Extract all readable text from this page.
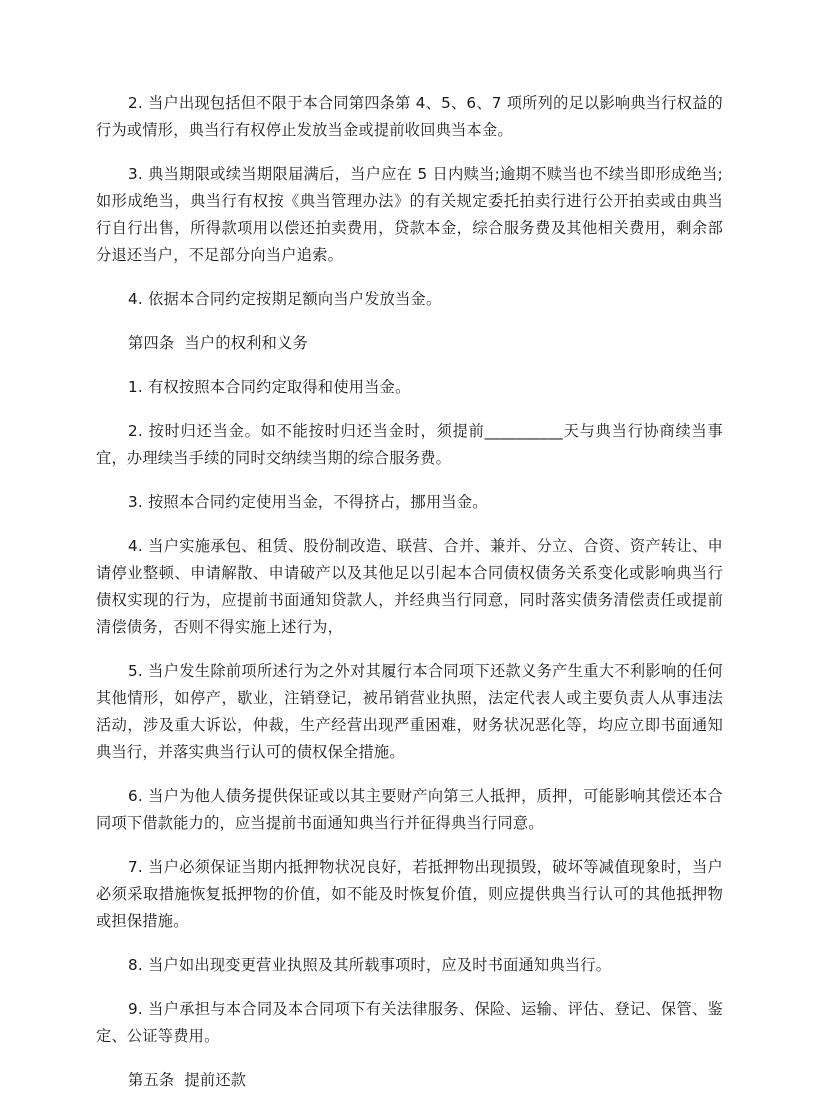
2. 当户出现包括但不限于本合同第四条第 4、5、6、7 项所列的足以影响典当行权益的行为或情形，典当行有权停止发放当金或提前收回典当本金。

3. 典当期限或续当期限届满后，当户应在 5 日内赎当;逾期不赎当也不续当即形成绝当;如形成绝当，典当行有权按《典当管理办法》的有关规定委托拍卖行进行公开拍卖或由典当行自行出售，所得款项用以偿还拍卖费用，贷款本金，综合服务费及其他相关费用，剩余部分退还当户，不足部分向当户追索。

4. 依据本合同约定按期足额向当户发放当金。

第四条  当户的权利和义务

1. 有权按照本合同约定取得和使用当金。

2. 按时归还当金。如不能按时归还当金时，须提前__________天与典当行协商续当事宜，办理续当手续的同时交纳续当期的综合服务费。

3. 按照本合同约定使用当金，不得挤占，挪用当金。

4. 当户实施承包、租赁、股份制改造、联营、合并、兼并、分立、合资、资产转让、申请停业整顿、申请解散、申请破产以及其他足以引起本合同债权债务关系变化或影响典当行债权实现的行为，应提前书面通知贷款人，并经典当行同意，同时落实债务清偿责任或提前清偿债务，否则不得实施上述行为，

5. 当户发生除前项所述行为之外对其履行本合同项下还款义务产生重大不利影响的任何其他情形，如停产，歇业，注销登记，被吊销营业执照，法定代表人或主要负责人从事违法活动，涉及重大诉讼，仲裁，生产经营出现严重困难，财务状况恶化等，均应立即书面通知典当行，并落实典当行认可的债权保全措施。

6. 当户为他人债务提供保证或以其主要财产向第三人抵押，质押，可能影响其偿还本合同项下借款能力的，应当提前书面通知典当行并征得典当行同意。

7. 当户必须保证当期内抵押物状况良好，若抵押物出现损毁，破坏等减值现象时，当户必须采取措施恢复抵押物的价值，如不能及时恢复价值，则应提供典当行认可的其他抵押物或担保措施。

8. 当户如出现变更营业执照及其所载事项时，应及时书面通知典当行。

9. 当户承担与本合同及本合同项下有关法律服务、保险、运输、评估、登记、保管、鉴定、公证等费用。

第五条  提前还款
